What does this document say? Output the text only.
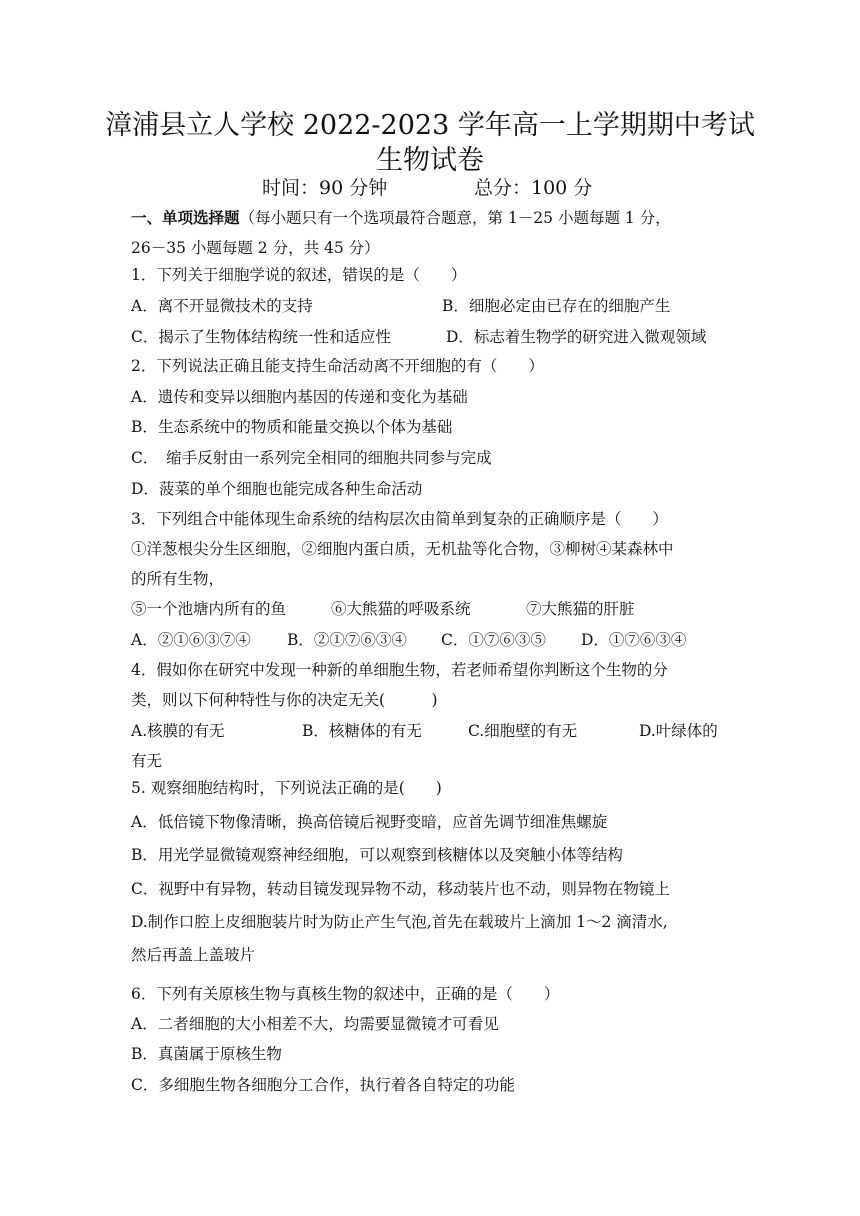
漳浦县立人学校 2022-2023 学年高一上学期期中考试
生物试卷
时间：90 分钟	总分：100 分
一、单项选择题（每小题只有一个选项最符合题意，第 1－25 小题每题 1 分，
26－35 小题每题 2 分，共 45 分）
1．下列关于细胞学说的叙述，错误的是（　　）
A．离不开显微技术的支持	B．细胞必定由已存在的细胞产生
C．揭示了生物体结构统一性和适应性	D．标志着生物学的研究进入微观领域
2．下列说法正确且能支持生命活动离不开细胞的有（　　）
A．遗传和变异以细胞内基因的传递和变化为基础
B．生态系统中的物质和能量交换以个体为基础
C．　缩手反射由一系列完全相同的细胞共同参与完成
D．菠菜的单个细胞也能完成各种生命活动
3．下列组合中能体现生命系统的结构层次由简单到复杂的正确顺序是（　　）
①洋葱根尖分生区细胞，②细胞内蛋白质，无机盐等化合物，③柳树④某森林中
的所有生物，
⑤一个池塘内所有的鱼	⑥大熊猫的呼吸系统	⑦大熊猫的肝脏
A．②①⑥③⑦④ B．②①⑦⑥③④ C．①⑦⑥③⑤ D．①⑦⑥③④
4．假如你在研究中发现一种新的单细胞生物，若老师希望你判断这个生物的分
类，则以下何种特性与你的决定无关(　　　)
A.核膜的有无	B．核糖体的有无	C.细胞壁的有无	D.叶绿体的
有无
5. 观察细胞结构时，下列说法正确的是(　　)
A．低倍镜下物像清晰，换高倍镜后视野变暗，应首先调节细准焦螺旋
B．用光学显微镜观察神经细胞，可以观察到核糖体以及突触小体等结构
C．视野中有异物，转动目镜发现异物不动，移动装片也不动，则异物在物镜上
D.制作口腔上皮细胞装片时为防止产生气泡,首先在载玻片上滴加 1～2 滴清水,
然后再盖上盖玻片
6．下列有关原核生物与真核生物的叙述中，正确的是（　　）
A．二者细胞的大小相差不大，均需要显微镜才可看见
B．真菌属于原核生物
C．多细胞生物各细胞分工合作，执行着各自特定的功能
